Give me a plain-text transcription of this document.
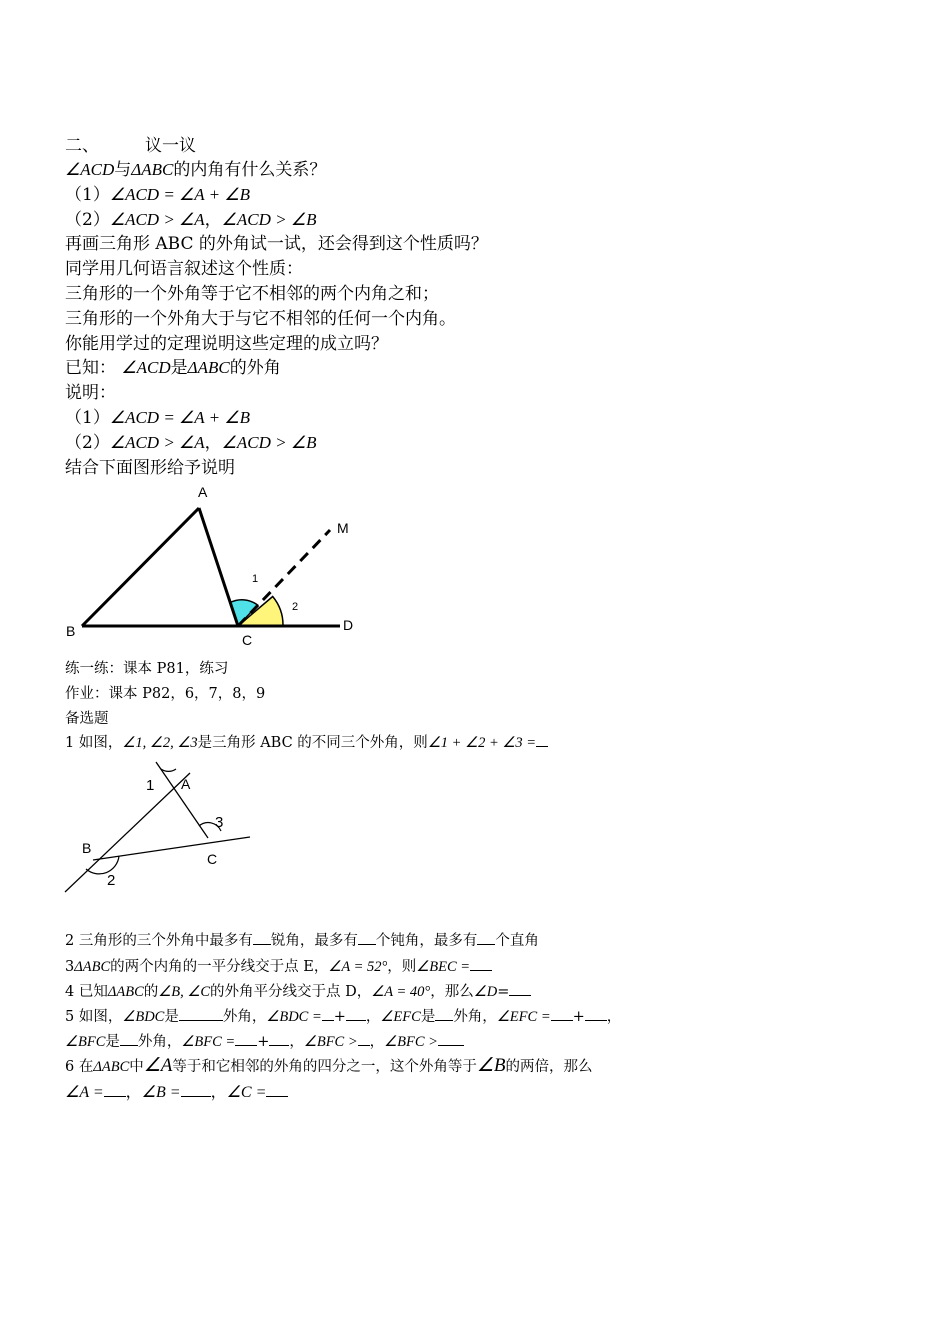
二、	议一议
∠ACD与ΔABC的内角有什么关系？
（1）∠ACD = ∠A + ∠B
（2）∠ACD > ∠A，∠ACD > ∠B
再画三角形 ABC 的外角试一试，还会得到这个性质吗？
同学用几何语言叙述这个性质：
三角形的一个外角等于它不相邻的两个内角之和；
三角形的一个外角大于与它不相邻的任何一个内角。
你能用学过的定理说明这些定理的成立吗？
已知： ∠ACD是ΔABC的外角
说明：
（1）∠ACD = ∠A + ∠B
（2）∠ACD > ∠A，∠ACD > ∠B
结合下面图形给予说明
A
B
C
D
M
1
2
练一练：课本 P81，练习
作业：课本 P82，6，7，8，9
备选题
1 如图，∠1, ∠2, ∠3是三角形 ABC 的不同三个外角，则∠1 + ∠2 + ∠3 =
A
1
B
C
3
2
2 三角形的三个外角中最多有 锐角，最多有 个钝角，最多有 个直角
3ΔABC的两个内角的一平分线交于点 E，∠A = 52°，则∠BEC =
4 已知ΔABC的∠B, ∠C的外角平分线交于点 D，∠A = 40°，那么∠D=
5 如图，∠BDC是	外角，∠BDC = + ，∠EFC是 外角，∠EFC = + ，
∠BFC是 外角，∠BFC = + ，∠BFC > ，∠BFC >
6 在ΔABC中∠A等于和它相邻的外角的四分之一，这个外角等于∠B的两倍，那么
∠A = ，∠B = ，∠C =
